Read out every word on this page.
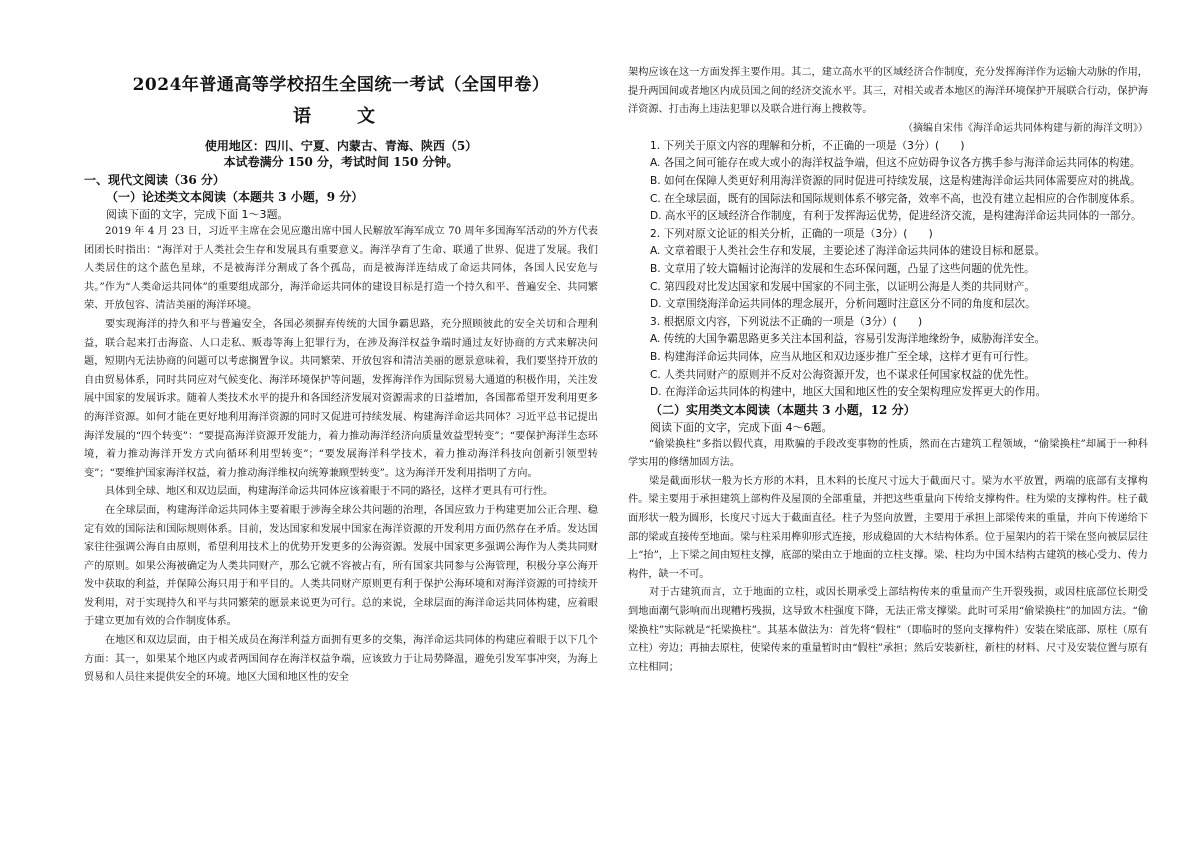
2024年普通高等学校招生全国统一考试（全国甲卷）
语　文
使用地区：四川、宁夏、内蒙古、青海、陕西（5）
本试卷满分 150 分，考试时间 150 分钟。
一、现代文阅读（36 分）
（一）论述类文本阅读（本题共 3 小题，9 分）

阅读下面的文字，完成下面 1～3题。

2019 年 4 月 23 日，习近平主席在会见应邀出席中国人民解放军海军成立 70 周年多国海军活动的外方代表团团长时指出：“海洋对于人类社会生存和发展具有重要意义。海洋孕育了生命、联通了世界、促进了发展。我们人类居住的这个蓝色星球，不是被海洋分割成了各个孤岛，而是被海洋连结成了命运共同体，各国人民安危与共。”作为“人类命运共同体”的重要组成部分，海洋命运共同体的建设目标是打造一个持久和平、普遍安全、共同繁荣、开放包容、清洁美丽的海洋环境。

要实现海洋的持久和平与普遍安全，各国必须摒弃传统的大国争霸思路，充分照顾彼此的安全关切和合理利益，联合起来打击海盗、人口走私、贩毒等海上犯罪行为，在涉及海洋权益争端时通过友好协商的方式来解决问题，短期内无法协商的问题可以考虑搁置争议。共同繁荣、开放包容和清洁美丽的愿景意味着，我们要坚持开放的自由贸易体系，同时共同应对气候变化、海洋环境保护等问题，发挥海洋作为国际贸易大通道的积极作用，关注发展中国家的发展诉求。随着人类技术水平的提升和各国经济发展对资源需求的日益增加，各国都希望开发利用更多的海洋资源。如何才能在更好地利用海洋资源的同时又促进可持续发展、构建海洋命运共同体？习近平总书记提出海洋发展的“四个转变”：“要提高海洋资源开发能力，着力推动海洋经济向质量效益型转变”；“要保护海洋生态环境，着力推动海洋开发方式向循环利用型转变”；“要发展海洋科学技术，着力推动海洋科技向创新引领型转变”；“要维护国家海洋权益，着力推动海洋维权向统筹兼顾型转变”。这为海洋开发利用指明了方向。

具体到全球、地区和双边层面，构建海洋命运共同体应该着眼于不同的路径，这样才更具有可行性。

在全球层面，构建海洋命运共同体主要着眼于涉海全球公共问题的治理，各国应致力于构建更加公正合理、稳定有效的国际法和国际规则体系。目前，发达国家和发展中国家在海洋资源的开发利用方面仍然存在矛盾。发达国家往往强调公海自由原则，希望利用技术上的优势开发更多的公海资源。发展中国家更多强调公海作为人类共同财产的原则。如果公海被确定为人类共同财产，那么它就不容被占有，所有国家共同参与公海管理，积极分享公海开发中获取的利益，并保障公海只用于和平目的。人类共同财产原则更有利于保护公海环境和对海洋资源的可持续开发利用，对于实现持久和平与共同繁荣的愿景来说更为可行。总的来说，全球层面的海洋命运共同体构建，应着眼于建立更加有效的合作制度体系。

在地区和双边层面，由于相关成员在海洋利益方面拥有更多的交集，海洋命运共同体的构建应着眼于以下几个方面：其一，如果某个地区内或者两国间存在海洋权益争端，应该致力于让局势降温，避免引发军事冲突，为海上贸易和人员往来提供安全的环境。地区大国和地区性的安全

架构应该在这一方面发挥主要作用。其二，建立高水平的区域经济合作制度，充分发挥海洋作为运输大动脉的作用，提升两国间或者地区内成员国之间的经济交流水平。其三，对相关或者本地区的海洋环境保护开展联合行动，保护海洋资源、打击海上违法犯罪以及联合进行海上搜救等。

（摘编自宋伟《海洋命运共同体构建与新的海洋文明》）

1. 下列关于原文内容的理解和分析，不正确的一项是（3分）(　　)

A. 各国之间可能存在或大或小的海洋权益争端，但这不应妨碍争议各方携手参与海洋命运共同体的构建。

B. 如何在保障人类更好利用海洋资源的同时促进可持续发展，这是构建海洋命运共同体需要应对的挑战。

C. 在全球层面，既有的国际法和国际规则体系不够完备，效率不高，也没有建立起相应的合作制度体系。

D. 高水平的区域经济合作制度，有利于发挥海运优势，促进经济交流，是构建海洋命运共同体的一部分。

2. 下列对原文论证的相关分析，正确的一项是（3分）(　　)

A. 文章着眼于人类社会生存和发展，主要论述了海洋命运共同体的建设目标和愿景。

B. 文章用了较大篇幅讨论海洋的发展和生态环保问题，凸显了这些问题的优先性。

C. 第四段对比发达国家和发展中国家的不同主张，以证明公海是人类的共同财产。

D. 文章围绕海洋命运共同体的理念展开，分析问题时注意区分不同的角度和层次。

3. 根据原文内容，下列说法不正确的一项是（3分）(　　)

A. 传统的大国争霸思路更多关注本国利益，容易引发海洋地缘纷争，威胁海洋安全。

B. 构建海洋命运共同体，应当从地区和双边逐步推广至全球，这样才更有可行性。

C. 人类共同财产的原则并不反对公海资源开发，也不谋求任何国家权益的优先性。

D. 在海洋命运共同体的构建中，地区大国和地区性的安全架构理应发挥更大的作用。

（二）实用类文本阅读（本题共 3 小题，12 分）

阅读下面的文字，完成下面 4～6题。

“偷梁换柱”多指以假代真，用欺骗的手段改变事物的性质，然而在古建筑工程领域，“偷梁换柱”却属于一种科学实用的修缮加固方法。

梁是截面形状一般为长方形的木料，且木料的长度尺寸远大于截面尺寸。梁为水平放置，两端的底部有支撑构件。梁主要用于承担建筑上部构件及屋顶的全部重量，并把这些重量向下传给支撑构件。柱为梁的支撑构件。柱子截面形状一般为圆形，长度尺寸远大于截面直径。柱子为竖向放置，主要用于承担上部梁传来的重量，并向下传递给下部的梁或直接传至地面。梁与柱采用榫卯形式连接，形成稳固的大木结构体系。位于屋架内的若干梁在竖向被层层往上“抬”，上下梁之间由短柱支撑，底部的梁由立于地面的立柱支撑。梁、柱均为中国木结构古建筑的核心受力、传力构件，缺一不可。

对于古建筑而言，立于地面的立柱，或因长期承受上部结构传来的重量而产生开裂残损，或因柱底部位长期受到地面潮气影响而出现糟朽残损，这导致木柱强度下降，无法正常支撑梁。此时可采用“偷梁换柱”的加固方法。“偷梁换柱”实际就是“托梁换柱”。其基本做法为：首先将“假柱”（即临时的竖向支撑构件）安装在梁底部、原柱（原有立柱）旁边；再抽去原柱，使梁传来的重量暂时由“假柱”承担；然后安装新柱，新柱的材料、尺寸及安装位置与原有立柱相同；
